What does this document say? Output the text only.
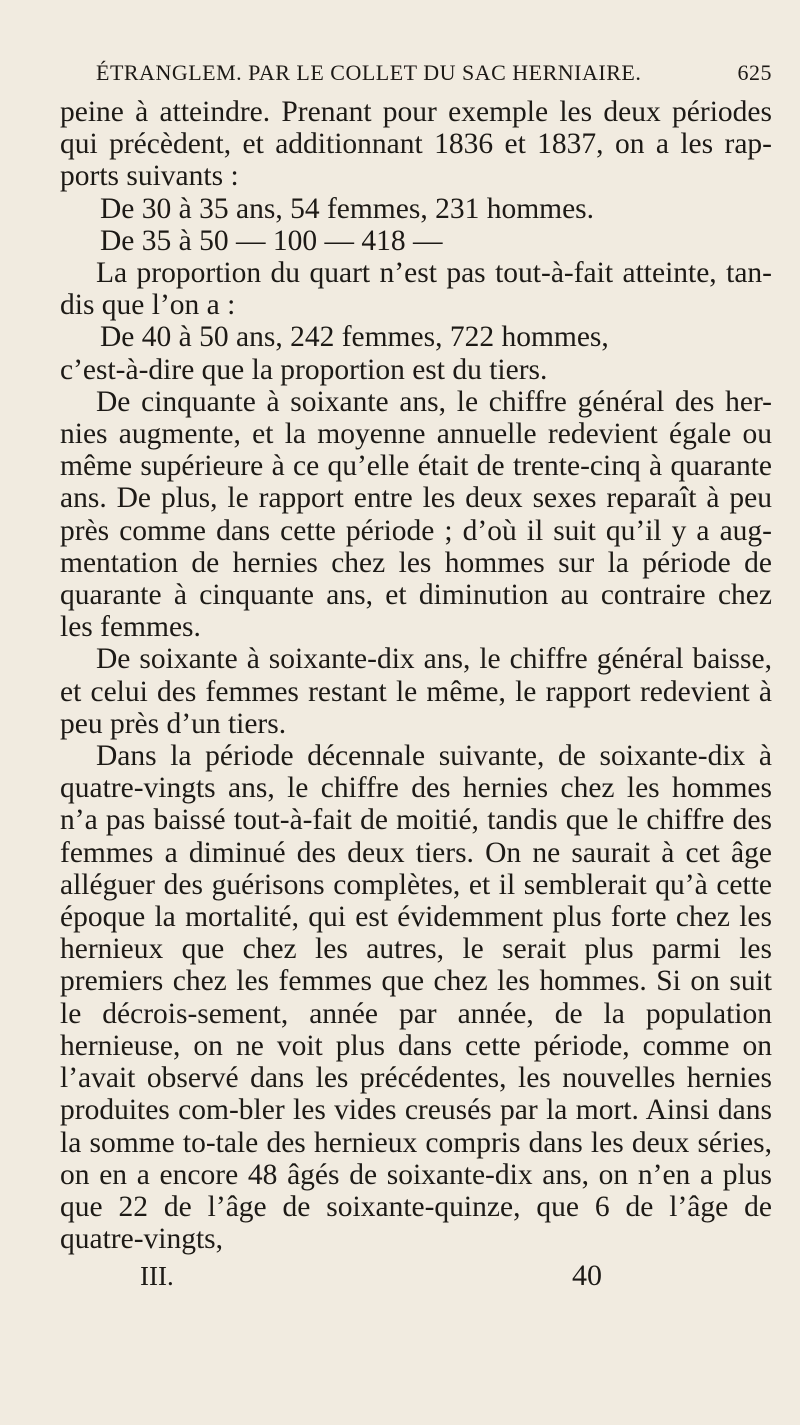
ÉTRANGLEM. PAR LE COLLET DU SAC HERNIAIRE.	625

peine à atteindre. Prenant pour exemple les deux périodes qui précèdent, et additionnant 1836 et 1837, on a les rap-ports suivants :

De 30 à 35 ans, 54 femmes, 231 hommes.

De 35 à 50 — 100 — 418 —

La proportion du quart n’est pas tout-à-fait atteinte, tan-dis que l’on a :

De 40 à 50 ans, 242 femmes, 722 hommes,

c’est-à-dire que la proportion est du tiers.

De cinquante à soixante ans, le chiffre général des her-nies augmente, et la moyenne annuelle redevient égale ou même supérieure à ce qu’elle était de trente-cinq à quarante ans. De plus, le rapport entre les deux sexes reparaît à peu près comme dans cette période ; d’où il suit qu’il y a aug-mentation de hernies chez les hommes sur la période de quarante à cinquante ans, et diminution au contraire chez les femmes.

De soixante à soixante-dix ans, le chiffre général baisse, et celui des femmes restant le même, le rapport redevient à peu près d’un tiers.

Dans la période décennale suivante, de soixante-dix à quatre-vingts ans, le chiffre des hernies chez les hommes n’a pas baissé tout-à-fait de moitié, tandis que le chiffre des femmes a diminué des deux tiers. On ne saurait à cet âge alléguer des guérisons complètes, et il semblerait qu’à cette époque la mortalité, qui est évidemment plus forte chez les hernieux que chez les autres, le serait plus parmi les premiers chez les femmes que chez les hommes. Si on suit le décrois-sement, année par année, de la population hernieuse, on ne voit plus dans cette période, comme on l’avait observé dans les précédentes, les nouvelles hernies produites com-bler les vides creusés par la mort. Ainsi dans la somme to-tale des hernieux compris dans les deux séries, on en a encore 48 âgés de soixante-dix ans, on n’en a plus que 22 de l’âge de soixante-quinze, que 6 de l’âge de quatre-vingts,

III.	40
